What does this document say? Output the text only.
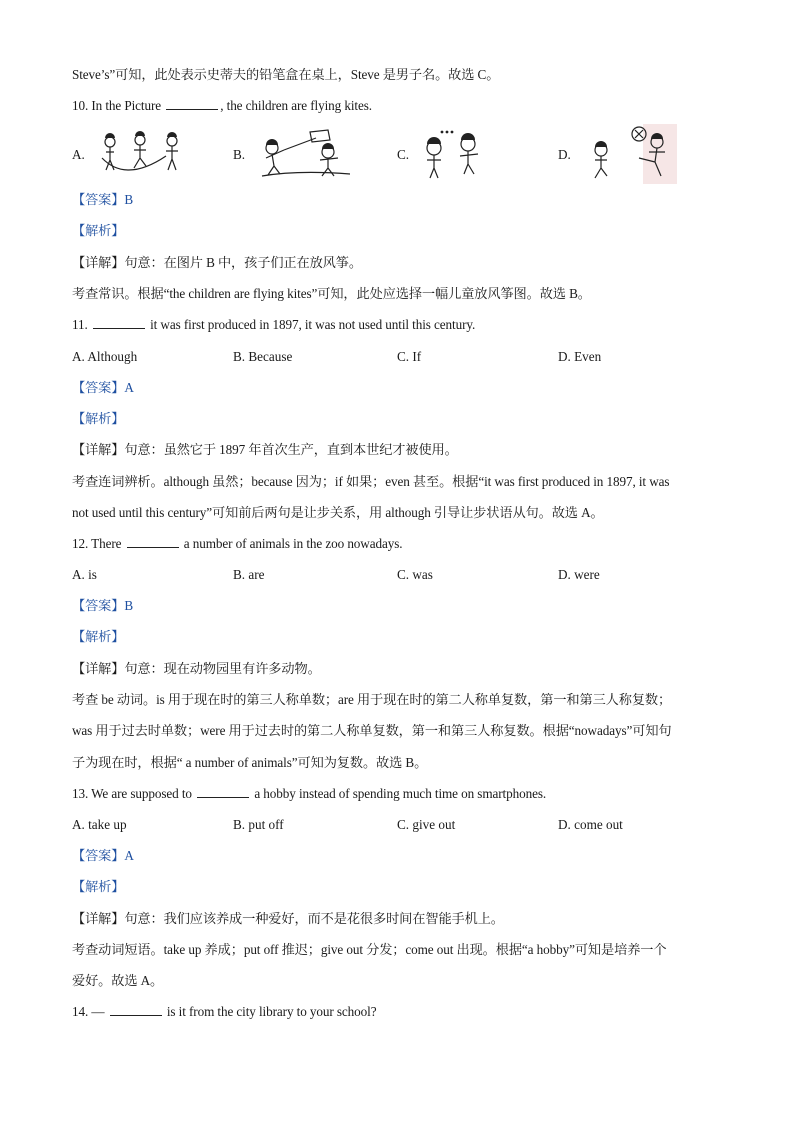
Steve’s”可知，此处表示史蒂夫的铅笔盒在桌上，Steve 是男子名。故选 C。
10. In the Picture	, the children are flying kites.
A.	B.	C.	D.
【答案】B
【解析】
【详解】句意：在图片 B 中，孩子们正在放风筝。
考查常识。根据“the children are flying kites”可知，此处应选择一幅儿童放风筝图。故选 B。
11.	it was first produced in 1897, it was not used until this century.
A. Although	B. Because	C. If	D. Even
【答案】A
【解析】
【详解】句意：虽然它于 1897 年首次生产，直到本世纪才被使用。
考查连词辨析。although 虽然；because 因为；if 如果；even 甚至。根据“it was first produced in 1897, it was
not used until this century”可知前后两句是让步关系，用 although 引导让步状语从句。故选 A。
12. There	a number of animals in the zoo nowadays.
A. is	B. are	C. was	D. were
【答案】B
【解析】
【详解】句意：现在动物园里有许多动物。
考查 be 动词。is 用于现在时的第三人称单数；are 用于现在时的第二人称单复数，第一和第三人称复数；
was 用于过去时单数；were 用于过去时的第二人称单复数，第一和第三人称复数。根据“nowadays”可知句
子为现在时，根据“ a number of animals”可知为复数。故选 B。
13. We are supposed to	a hobby instead of spending much time on smartphones.
A. take up	B. put off	C. give out	D. come out
【答案】A
【解析】
【详解】句意：我们应该养成一种爱好，而不是花很多时间在智能手机上。
考查动词短语。take up 养成；put off 推迟；give out 分发；come out 出现。根据“a hobby”可知是培养一个
爱好。故选 A。
14. —	is it from the city library to your school?
